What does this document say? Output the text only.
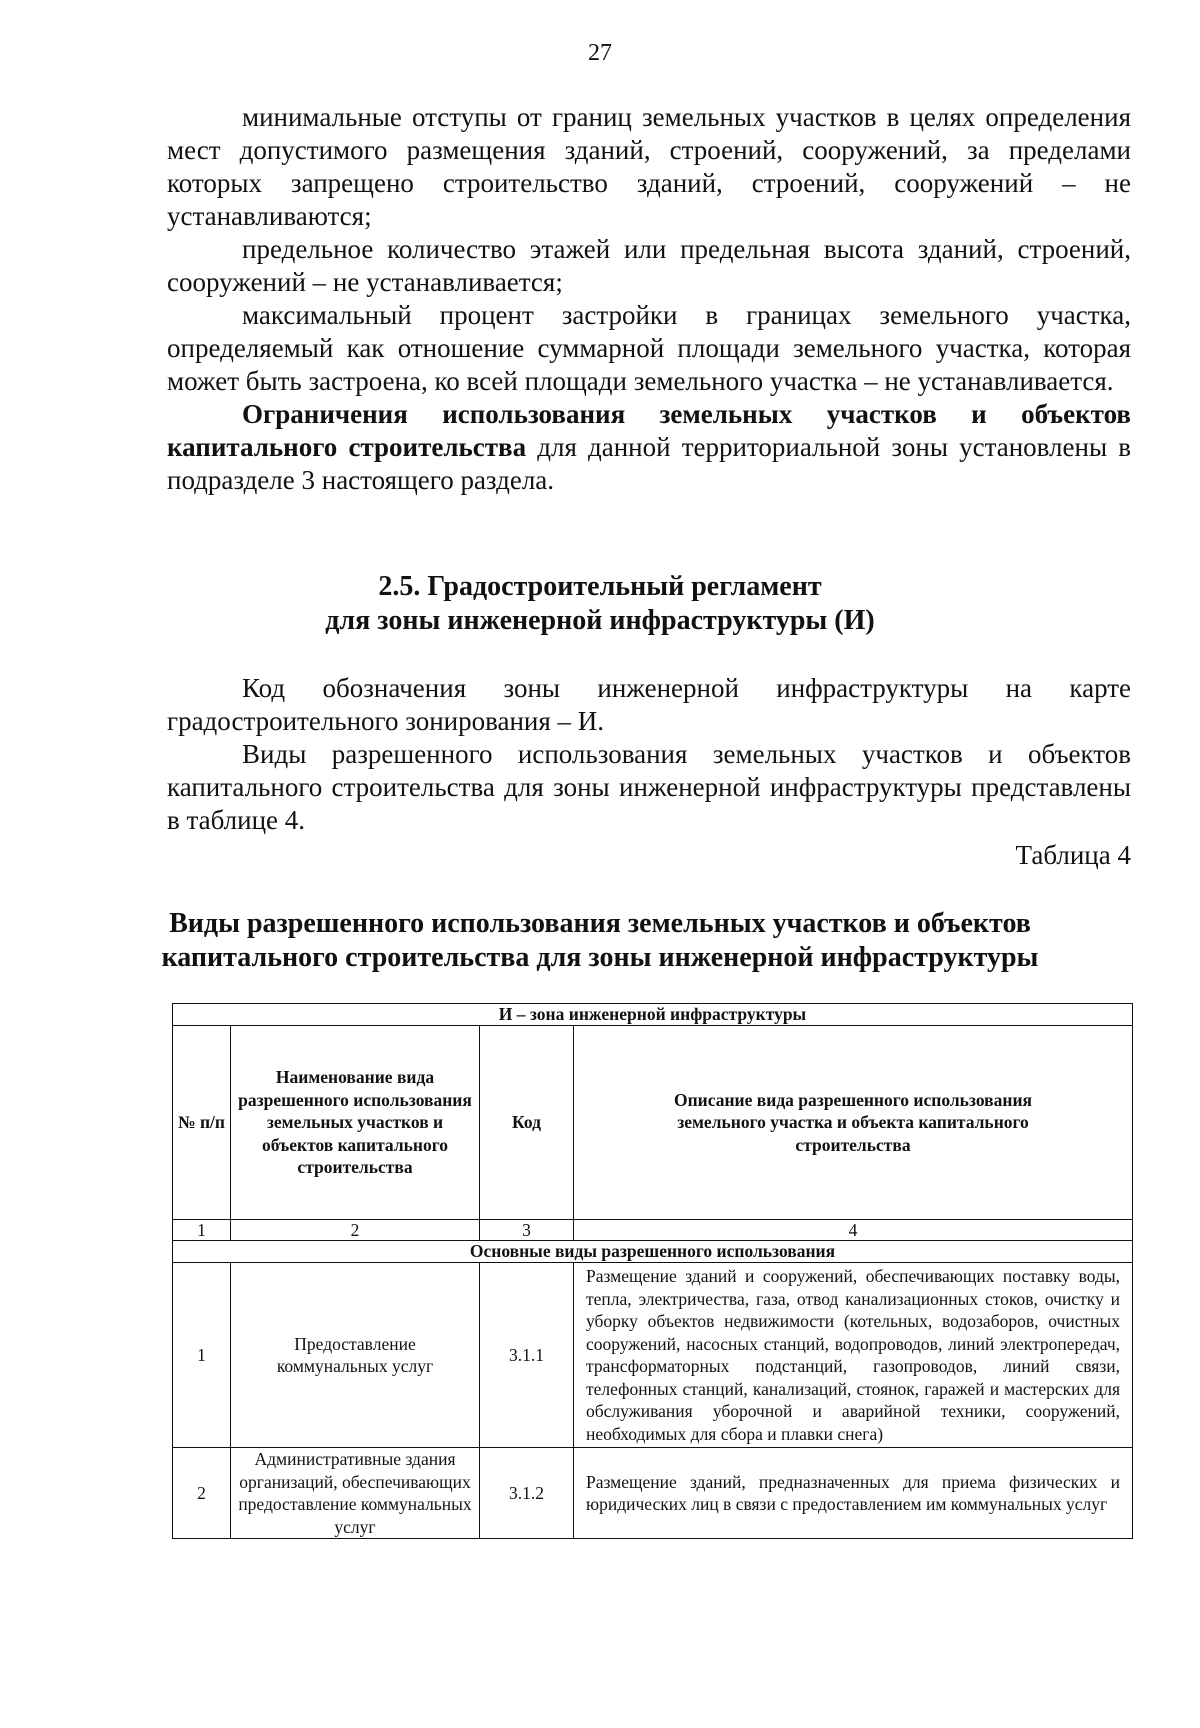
27

минимальные отступы от границ земельных участков в целях определения мест допустимого размещения зданий, строений, сооружений, за пределами которых запрещено строительство зданий, строений, сооружений – не устанавливаются;

предельное количество этажей или предельная высота зданий, строений, сооружений – не устанавливается;

максимальный процент застройки в границах земельного участка, определяемый как отношение суммарной площади земельного участка, которая может быть застроена, ко всей площади земельного участка – не устанавливается.

Ограничения использования земельных участков и объектов капитального строительства для данной территориальной зоны установлены в подразделе 3 настоящего раздела.

2.5. Градостроительный регламент
для зоны инженерной инфраструктуры (И)

Код обозначения зоны инженерной инфраструктуры на карте градостроительного зонирования – И.

Виды разрешенного использования земельных участков и объектов капитального строительства для зоны инженерной инфраструктуры представлены в таблице 4.

Таблица 4
Виды разрешенного использования земельных участков и объектов
капитального строительства для зоны инженерной инфраструктуры
И – зона инженерной инфраструктуры			
№ п/п	Наименование вида разрешенного использования земельных участков и объектов капитального строительства	Код	Описание вида разрешенного использования земельного участка и объекта капитального строительства
1	2	3	4
Основные виды разрешенного использования			
1	Предоставление коммунальных услуг	3.1.1	Размещение зданий и сооружений, обеспечивающих поставку воды, тепла, электричества, газа, отвод канализационных стоков, очистку и уборку объектов недвижимости (котельных, водозаборов, очистных сооружений, насосных станций, водопроводов, линий электропередач, трансформаторных подстанций, газопроводов, линий связи, телефонных станций, канализаций, стоянок, гаражей и мастерских для обслуживания уборочной и аварийной техники, сооружений, необходимых для сбора и плавки снега)
2	Административные здания организаций, обеспечивающих предоставление коммунальных услуг	3.1.2	Размещение зданий, предназначенных для приема физических и юридических лиц в связи с предоставлением им коммунальных услуг
